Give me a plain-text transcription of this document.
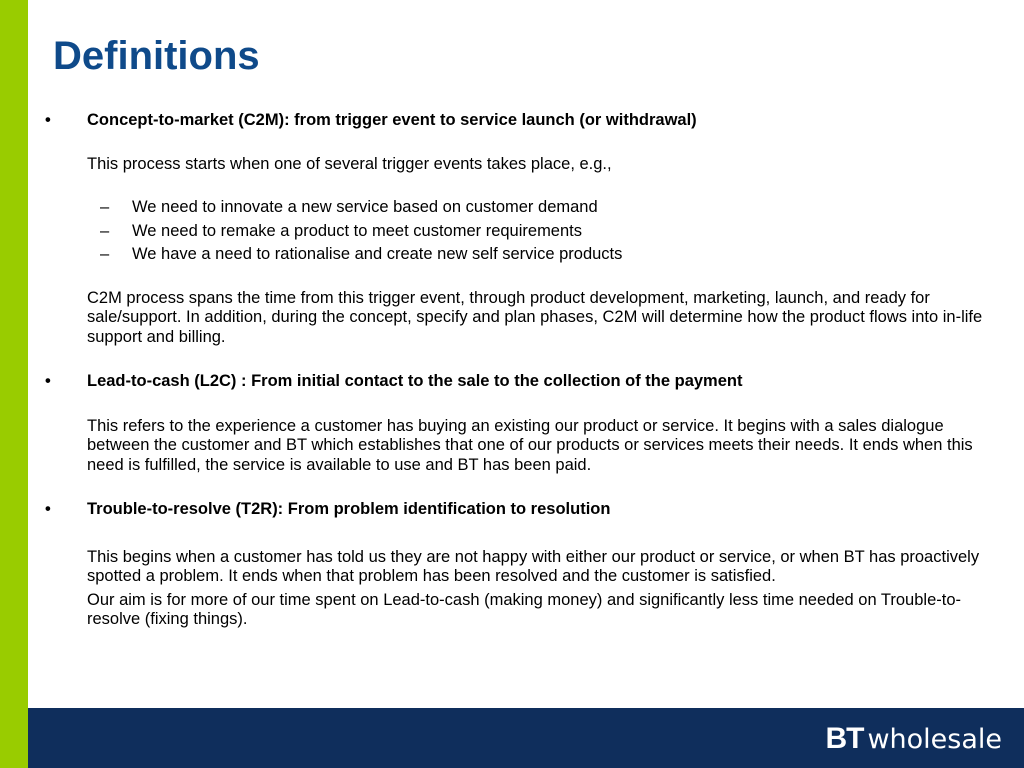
Definitions
•	Concept-to-market (C2M): from trigger event to service launch (or withdrawal)
This process starts when one of several trigger events takes place, e.g.,
– We need to innovate a new service based on customer demand
– We need to remake a product to meet customer requirements
– We have a need to rationalise and create new self service products
C2M process spans the time from this trigger event, through product development, marketing, launch, and ready for sale/support. In addition, during the concept, specify and plan phases, C2M will determine how the product flows into in-life support and billing.
•	Lead-to-cash (L2C) : From initial contact to the sale to the collection of the payment
This refers to the experience a customer has buying an existing our product or service. It begins with a sales dialogue between the customer and BT which establishes that one of our products or services meets their needs. It ends when this need is fulfilled, the service is available to use and BT has been paid.
•	Trouble-to-resolve (T2R): From problem identification to resolution
This begins when a customer has told us they are not happy with either our product or service, or when BT has proactively spotted a problem. It ends when that problem has been resolved and the customer is satisfied.
Our aim is for more of our time spent on Lead-to-cash (making money) and significantly less time needed on Trouble-to-resolve (fixing things).
BT wholesale
